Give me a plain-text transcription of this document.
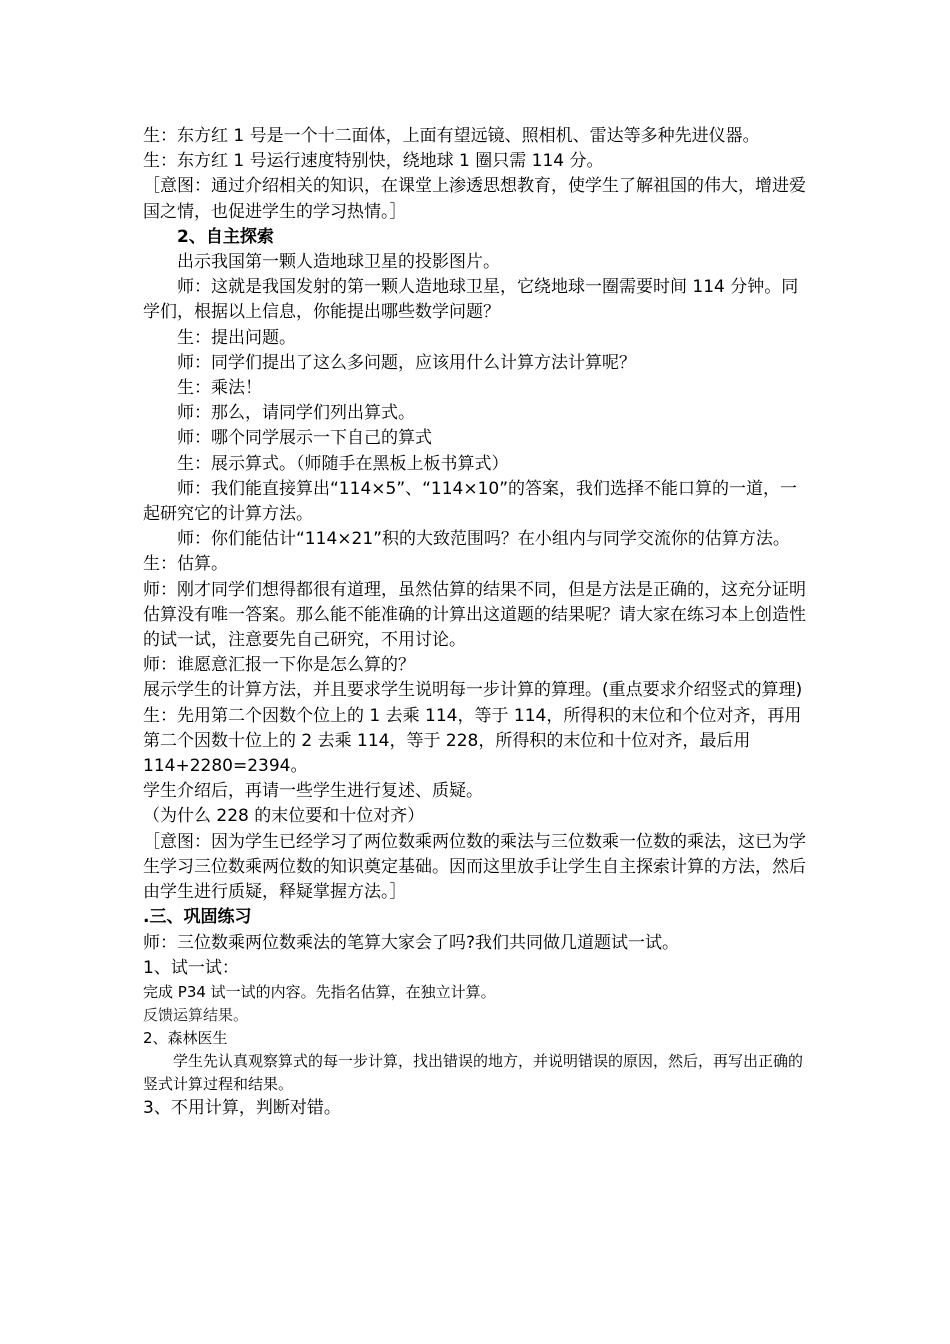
生：东方红 1 号是一个十二面体，上面有望远镜、照相机、雷达等多种先进仪器。

生：东方红 1 号运行速度特别快，绕地球 1 圈只需 114 分。

［意图：通过介绍相关的知识，在课堂上渗透思想教育，使学生了解祖国的伟大，增进爱国之情，也促进学生的学习热情。］

2、自主探索

出示我国第一颗人造地球卫星的投影图片。

师：这就是我国发射的第一颗人造地球卫星，它绕地球一圈需要时间 114 分钟。同学们，根据以上信息，你能提出哪些数学问题？

生：提出问题。

师：同学们提出了这么多问题，应该用什么计算方法计算呢？

生：乘法！

师：那么，请同学们列出算式。

师：哪个同学展示一下自己的算式

生：展示算式。（师随手在黑板上板书算式）

师：我们能直接算出“114×5”、“114×10”的答案，我们选择不能口算的一道，一起研究它的计算方法。

师：你们能估计“114×21”积的大致范围吗？在小组内与同学交流你的估算方法。

生：估算。

师：刚才同学们想得都很有道理，虽然估算的结果不同，但是方法是正确的，这充分证明估算没有唯一答案。那么能不能准确的计算出这道题的结果呢？请大家在练习本上创造性的试一试，注意要先自己研究，不用讨论。

师：谁愿意汇报一下你是怎么算的？

展示学生的计算方法，并且要求学生说明每一步计算的算理。(重点要求介绍竖式的算理)

生：先用第二个因数个位上的 1 去乘 114，等于 114，所得积的末位和个位对齐，再用第二个因数十位上的 2 去乘 114，等于 228，所得积的末位和十位对齐，最后用 114+2280=2394。

学生介绍后，再请一些学生进行复述、质疑。

（为什么 228 的末位要和十位对齐）

［意图：因为学生已经学习了两位数乘两位数的乘法与三位数乘一位数的乘法，这已为学生学习三位数乘两位数的知识奠定基础。因而这里放手让学生自主探索计算的方法，然后由学生进行质疑，释疑掌握方法。］

.三、巩固练习

师：三位数乘两位数乘法的笔算大家会了吗?我们共同做几道题试一试。

1、试一试：

完成 P34 试一试的内容。先指名估算，在独立计算。

反馈运算结果。

2、森林医生

学生先认真观察算式的每一步计算，找出错误的地方，并说明错误的原因，然后，再写出正确的竖式计算过程和结果。

3、不用计算，判断对错。
